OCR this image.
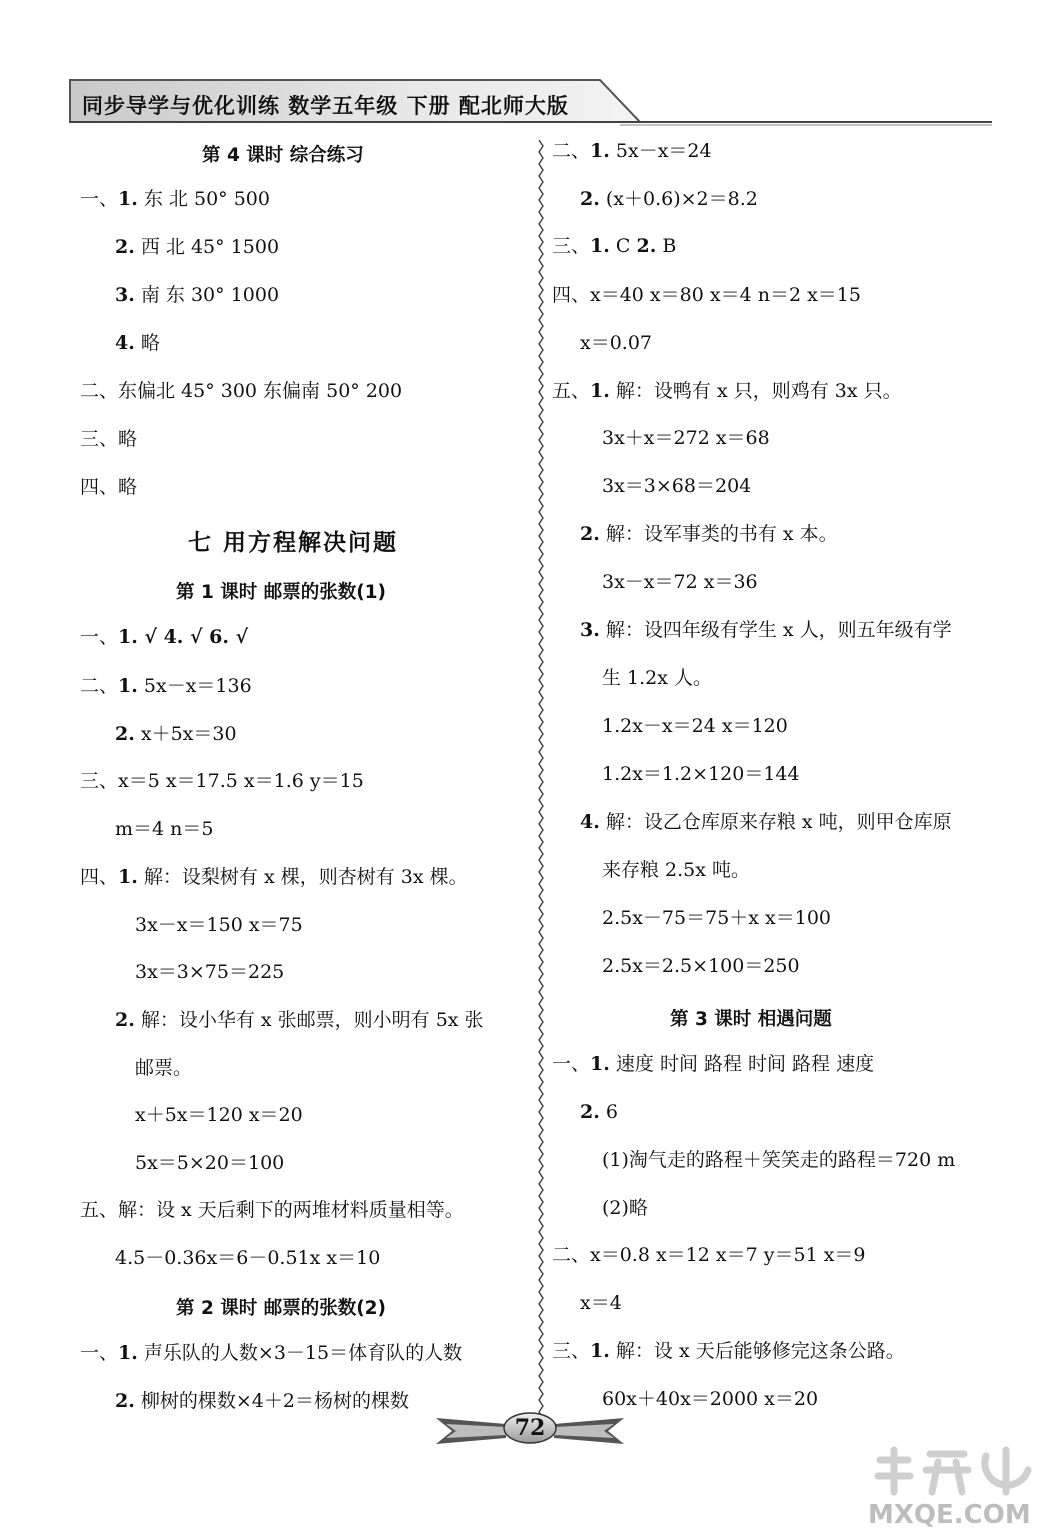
同步导学与优化训练 数学五年级 下册 配北师大版
第 4 课时 综合练习
一、1. 东 北 50° 500
2. 西 北 45° 1500
3. 南 东 30° 1000
4. 略
二、东偏北 45° 300 东偏南 50° 200
三、略
四、略
七 用方程解决问题
第 1 课时 邮票的张数(1)
一、1. √ 4. √ 6. √
二、1. 5x－x＝136
2. x＋5x＝30
三、x＝5 x＝17.5 x＝1.6 y＝15
m＝4 n＝5
四、1. 解：设梨树有 x 棵，则杏树有 3x 棵。
3x－x＝150 x＝75
3x＝3×75＝225
2. 解：设小华有 x 张邮票，则小明有 5x 张
邮票。
x＋5x＝120 x＝20
5x＝5×20＝100
五、解：设 x 天后剩下的两堆材料质量相等。
4.5－0.36x＝6－0.51x x＝10
第 2 课时 邮票的张数(2)
一、1. 声乐队的人数×3－15＝体育队的人数
2. 柳树的棵数×4＋2＝杨树的棵数
二、1. 5x－x＝24
2. (x＋0.6)×2＝8.2
三、1. C 2. B
四、x＝40 x＝80 x＝4 n＝2 x＝15
x＝0.07
五、1. 解：设鸭有 x 只，则鸡有 3x 只。
3x＋x＝272 x＝68
3x＝3×68＝204
2. 解：设军事类的书有 x 本。
3x－x＝72 x＝36
3. 解：设四年级有学生 x 人，则五年级有学
生 1.2x 人。
1.2x－x＝24 x＝120
1.2x＝1.2×120＝144
4. 解：设乙仓库原来存粮 x 吨，则甲仓库原
来存粮 2.5x 吨。
2.5x－75＝75＋x x＝100
2.5x＝2.5×100＝250
第 3 课时 相遇问题
一、1. 速度 时间 路程 时间 路程 速度
2. 6
(1)淘气走的路程＋笑笑走的路程＝720 m
(2)略
二、x＝0.8 x＝12 x＝7 y＝51 x＝9
x＝4
三、1. 解：设 x 天后能够修完这条公路。
60x＋40x＝2000 x＝20
72
MXQE.COM
